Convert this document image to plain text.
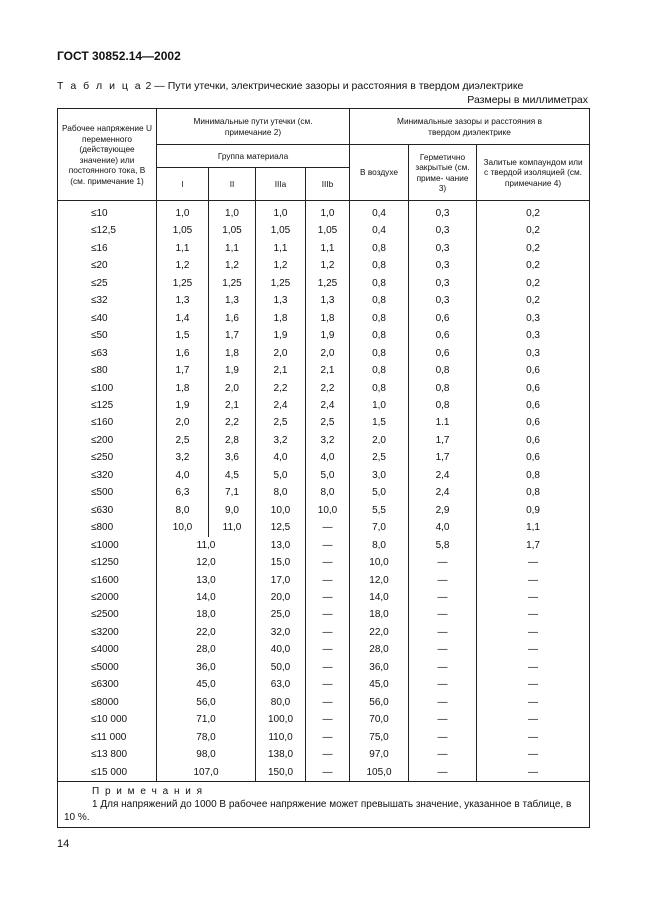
ГОСТ 30852.14—2002
Т а б л и ц а 2 — Пути утечки, электрические зазоры и расстояния в твердом диэлектрике
Размеры в миллиметрах
Рабочее напряжение U переменного (действующее значение) или постоянного тока, В (см. примечание 1)	Минимальные пути утечки (см. примечание 2)				Минимальные зазоры и расстояния в твердом диэлектрике		
	Группа материала				В воздухе	Герметично закрытые (см. приме- чание 3)	Залитые компаундом или с твердой изоляцией (см. примечание 4)
	I	II	IIIa	IIIb			
≤10	1,0	1,0	1,0	1,0	0,4	0,3	0,2
≤12,5	1,05	1,05	1,05	1,05	0,4	0,3	0,2
≤16	1,1	1,1	1,1	1,1	0,8	0,3	0,2
≤20	1,2	1,2	1,2	1,2	0,8	0,3	0,2
≤25	1,25	1,25	1,25	1,25	0,8	0,3	0,2
≤32	1,3	1,3	1,3	1,3	0,8	0,3	0,2
≤40	1,4	1,6	1,8	1,8	0,8	0,6	0,3
≤50	1,5	1,7	1,9	1,9	0,8	0,6	0,3
≤63	1,6	1,8	2,0	2,0	0,8	0,6	0,3
≤80	1,7	1,9	2,1	2,1	0,8	0,8	0,6
≤100	1,8	2,0	2,2	2,2	0,8	0,8	0,6
≤125	1,9	2,1	2,4	2,4	1,0	0,8	0,6
≤160	2,0	2,2	2,5	2,5	1,5	1.1	0,6
≤200	2,5	2,8	3,2	3,2	2,0	1,7	0,6
≤250	3,2	3,6	4,0	4,0	2,5	1,7	0,6
≤320	4,0	4,5	5,0	5,0	3,0	2,4	0,8
≤500	6,3	7,1	8,0	8,0	5,0	2,4	0,8
≤630	8,0	9,0	10,0	10,0	5,5	2,9	0,9
≤800	10,0	11,0	12,5	—	7,0	4,0	1,1
≤1000	11,0		13,0	—	8,0	5,8	1,7
≤1250	12,0		15,0	—	10,0	—	—
≤1600	13,0		17,0	—	12,0	—	—
≤2000	14,0		20,0	—	14,0	—	—
≤2500	18,0		25,0	—	18,0	—	—
≤3200	22,0		32,0	—	22,0	—	—
≤4000	28,0		40,0	—	28,0	—	—
≤5000	36,0		50,0	—	36,0	—	—
≤6300	45,0		63,0	—	45,0	—	—
≤8000	56,0		80,0	—	56,0	—	—
≤10 000	71,0		100,0	—	70,0	—	—
≤11 000	78,0		110,0	—	75,0	—	—
≤13 800	98,0		138,0	—	97,0	—	—
≤15 000	107,0		150,0	—	105,0	—	—

П р и м е ч а н и я
1 Для напряжений до 1000 В рабочее напряжение может превышать значение, указанное в таблице, в 10 %.							
14
